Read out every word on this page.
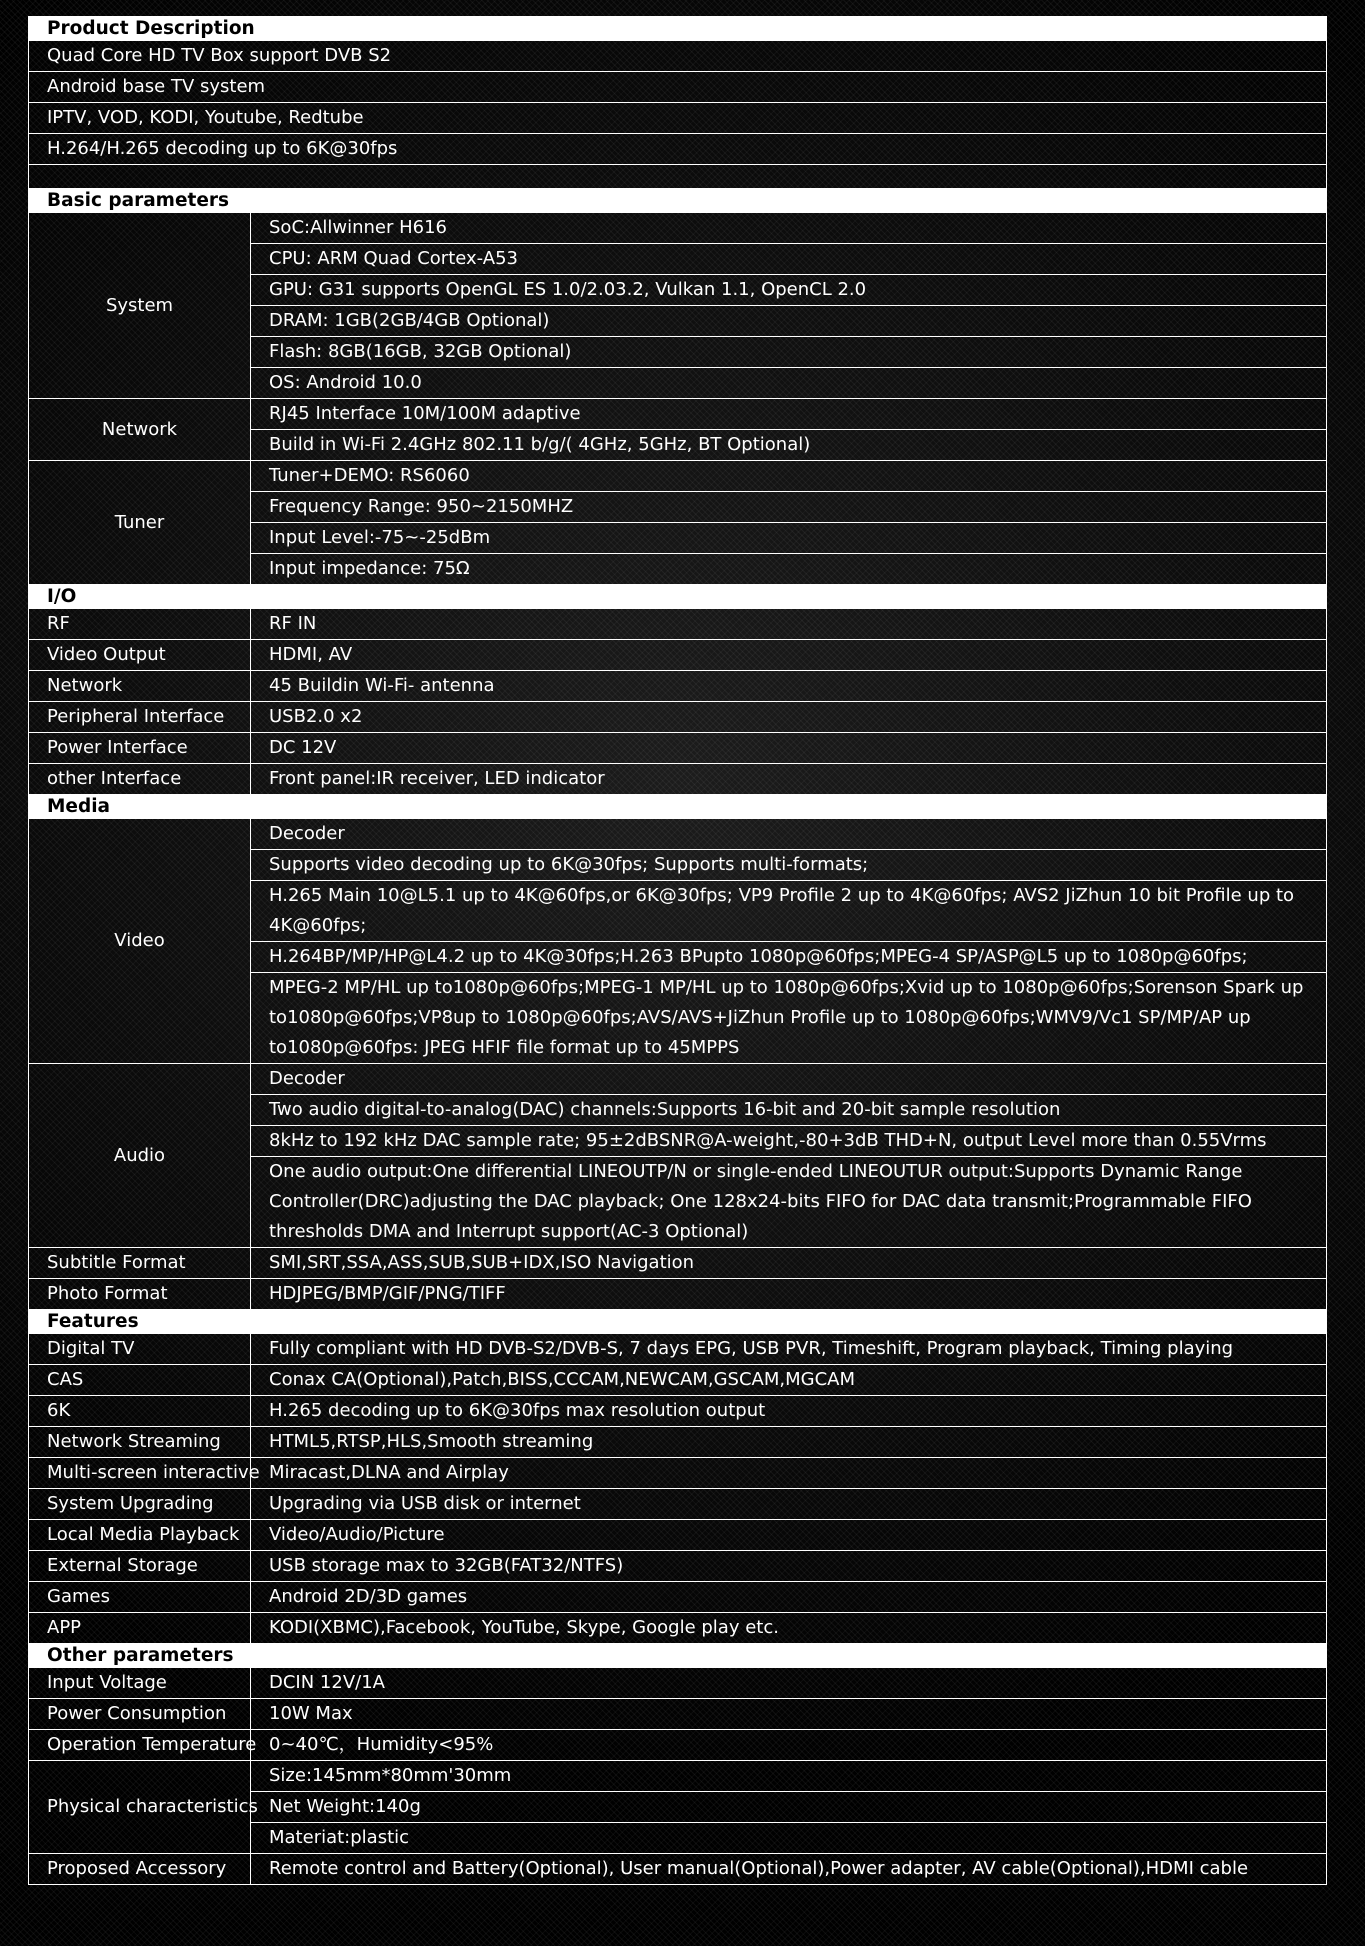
Product Description	
Quad Core HD TV Box support DVB S2	
Android base TV system	
IPTV, VOD, KODI, Youtube, Redtube	
H.264/H.265 decoding up to 6K@30fps	

Basic parameters	
System	SoC:Allwinner H616
	CPU: ARM Quad Cortex-A53
	GPU: G31 supports OpenGL ES 1.0/2.03.2, Vulkan 1.1, OpenCL 2.0
	DRAM: 1GB(2GB/4GB Optional)
	Flash: 8GB(16GB, 32GB Optional)
	OS: Android 10.0
Network	RJ45 Interface 10M/100M adaptive
	Build in Wi-Fi 2.4GHz 802.11 b/g/( 4GHz, 5GHz, BT Optional)
Tuner	Tuner+DEMO: RS6060
	Frequency Range: 950~2150MHZ
	Input Level:-75~-25dBm
	Input impedance: 75Ω
I/O	
RF	RF IN
Video Output	HDMI, AV
Network	45 Buildin Wi-Fi- antenna
Peripheral Interface	USB2.0 x2
Power Interface	DC 12V
other Interface	Front panel:IR receiver, LED indicator
Media	
Video	Decoder
	Supports video decoding up to 6K@30fps; Supports multi-formats;
	H.265 Main 10@L5.1 up to 4K@60fps,or 6K@30fps; VP9 Profile 2 up to 4K@60fps; AVS2 JiZhun 10 bit Profile up to 4K@60fps;
	H.264BP/MP/HP@L4.2 up to 4K@30fps;H.263 BPupto 1080p@60fps;MPEG-4 SP/ASP@L5 up to 1080p@60fps;
	MPEG-2 MP/HL up to1080p@60fps;MPEG-1 MP/HL up to 1080p@60fps;Xvid up to 1080p@60fps;Sorenson Spark up to1080p@60fps;VP8up to 1080p@60fps;AVS/AVS+JiZhun Profile up to 1080p@60fps;WMV9/Vc1 SP/MP/AP up to1080p@60fps: JPEG HFIF file format up to 45MPPS
Audio	Decoder
	Two audio digital-to-analog(DAC) channels:Supports 16-bit and 20-bit sample resolution
	8kHz to 192 kHz DAC sample rate; 95±2dBSNR@A-weight,-80+3dB THD+N, output Level more than 0.55Vrms
	One audio output:One differential LINEOUTP/N or single-ended LINEOUTUR output:Supports Dynamic Range Controller(DRC)adjusting the DAC playback; One 128x24-bits FIFO for DAC data transmit;Programmable FIFO thresholds DMA and Interrupt support(AC-3 Optional)
Subtitle Format	SMI,SRT,SSA,ASS,SUB,SUB+IDX,ISO Navigation
Photo Format	HDJPEG/BMP/GIF/PNG/TIFF
Features	
Digital TV	Fully compliant with HD DVB-S2/DVB-S, 7 days EPG, USB PVR, Timeshift, Program playback, Timing playing
CAS	Conax CA(Optional),Patch,BISS,CCCAM,NEWCAM,GSCAM,MGCAM
6K	H.265 decoding up to 6K@30fps max resolution output
Network Streaming	HTML5,RTSP,HLS,Smooth streaming
Multi-screen interactive	Miracast,DLNA and Airplay
System Upgrading	Upgrading via USB disk or internet
Local Media Playback	Video/Audio/Picture
External Storage	USB storage max to 32GB(FAT32/NTFS)
Games	Android 2D/3D games
APP	KODI(XBMC),Facebook, YouTube, Skype, Google play etc.
Other parameters	
Input Voltage	DCIN 12V/1A
Power Consumption	10W Max
Operation Temperature	0~40℃，Humidity<95%
Physical characteristics	Size:145mm*80mm'30mm
	Net Weight:140g
	Materiat:plastic
Proposed Accessory	Remote control and Battery(Optional), User manual(Optional),Power adapter, AV cable(Optional),HDMI cable
